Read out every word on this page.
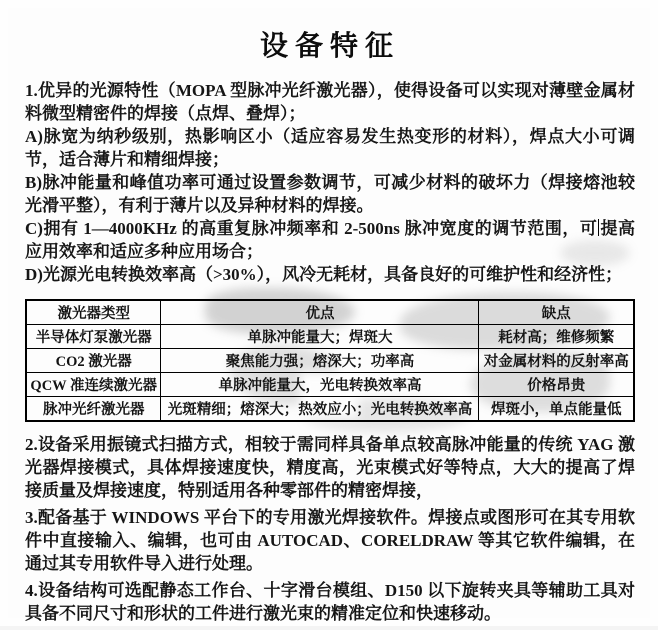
设备特征

1.优异的光源特性（MOPA 型脉冲光纤激光器），使得设备可以实现对薄壁金属材料微型精密件的焊接（点焊、叠焊）；

A)脉宽为纳秒级别，热影响区小（适应容易发生热变形的材料），焊点大小可调节，适合薄片和精细焊接；

B)脉冲能量和峰值功率可通过设置参数调节，可减少材料的破坏力（焊接熔池较光滑平整），有利于薄片以及异种材料的焊接。

C)拥有 1—4000KHz 的高重复脉冲频率和 2-500ns 脉冲宽度的调节范围，可 提高应用效率和适应多种应用场合；

D)光源光电转换效率高（>30%），风冷无耗材，具备良好的可维护性和经济性；

激光器类型	优点	缺点
半导体灯泵激光器	单脉冲能量大；焊斑大	耗材高；维修频繁
CO2 激光器	聚焦能力强；熔深大；功率高	对金属材料的反射率高
QCW 准连续激光器	单脉冲能量大，光电转换效率高	价格昂贵
脉冲光纤激光器	光斑精细；熔深大；热效应小；光电转换效率高	焊斑小，单点能量低

2.设备采用振镜式扫描方式，相较于需同样具备单点较高脉冲能量的传统 YAG 激光器焊接模式，具体焊接速度快，精度高，光束模式好等特点，大大的提高了焊接质量及焊接速度，特别适用各种零部件的精密焊接，

3.配备基于 WINDOWS 平台下的专用激光焊接软件。焊接点或图形可在其专用软件中直接输入、编辑，也可由 AUTOCAD、CORELDRAW 等其它软件编辑，在通过其专用软件导入进行处理。

4.设备结构可选配静态工作台、十字滑台模组、D150 以下旋转夹具等辅助工具对具备不同尺寸和形状的工件进行激光束的精准定位和快速移动。
